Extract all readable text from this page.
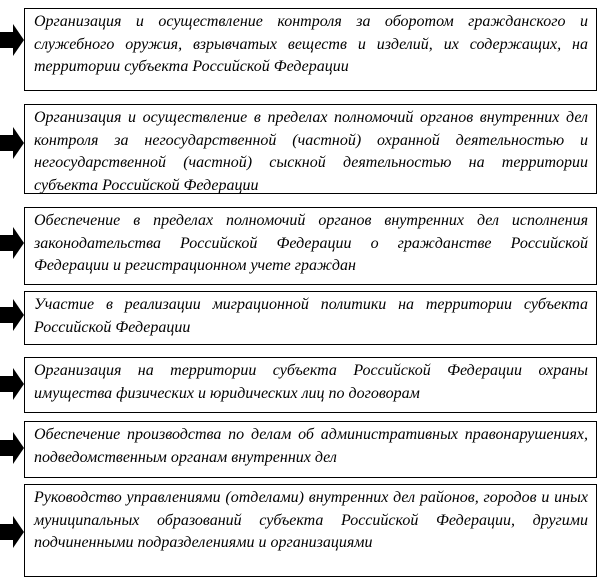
Организация и осуществление контроля за оборотом гражданского и служебного оружия, взрывчатых веществ и изделий, их содержащих, на территории субъекта Российской Федерации
Организация и осуществление в пределах полномочий органов внутренних дел контроля за негосударственной (частной) охранной деятельностью и негосударственной (частной) сыскной деятельностью на территории субъекта Российской Федерации
Обеспечение в пределах полномочий органов внутренних дел исполнения законодательства Российской Федерации о гражданстве Российской Федерации и регистрационном учете граждан
Участие в реализации миграционной политики на территории субъекта Российской Федерации
Организация на территории субъекта Российской Федерации охраны имущества физических и юридических лиц по договорам
Обеспечение производства по делам об административных правонарушениях, подведомственным органам внутренних дел
Руководство управлениями (отделами) внутренних дел районов, городов и иных муниципальных образований субъекта Российской Федерации, другими подчиненными подразделениями и организациями
